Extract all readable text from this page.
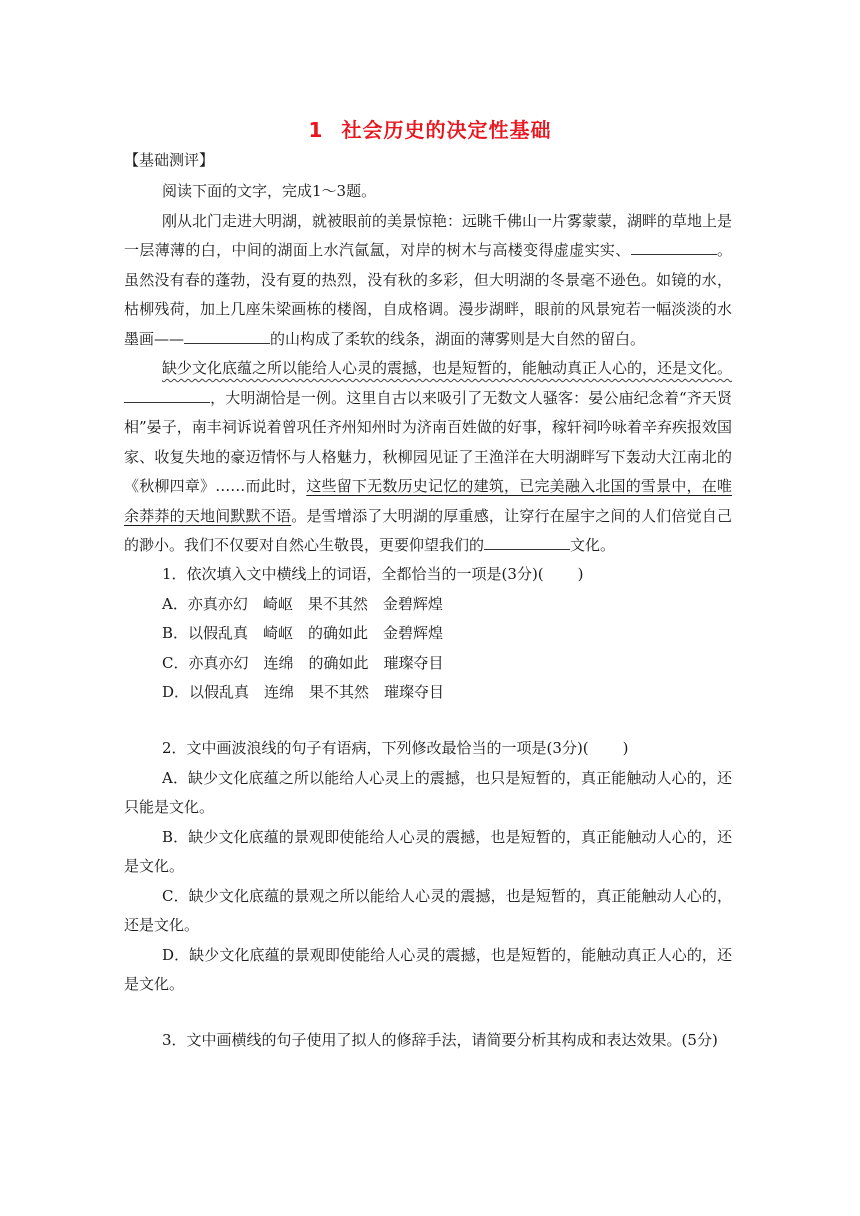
1 社会历史的决定性基础
【基础测评】

阅读下面的文字，完成1～3题。

刚从北门走进大明湖，就被眼前的美景惊艳：远眺千佛山一片雾蒙蒙，湖畔的草地上是一层薄薄的白，中间的湖面上水汽氤氲，对岸的树木与高楼变得虚虚实实、	。虽然没有春的蓬勃，没有夏的热烈，没有秋的多彩，但大明湖的冬景毫不逊色。如镜的水，枯柳残荷，加上几座朱梁画栋的楼阁，自成格调。漫步湖畔，眼前的风景宛若一幅淡淡的水墨画——	的山构成了柔软的线条，湖面的薄雾则是大自然的留白。

缺少文化底蕴之所以能给人心灵的震撼，也是短暂的，能触动真正人心的，还是文化。，大明湖恰是一例。这里自古以来吸引了无数文人骚客：晏公庙纪念着“齐天贤相”晏子，南丰祠诉说着曾巩任齐州知州时为济南百姓做的好事，稼轩祠吟咏着辛弃疾报效国家、收复失地的豪迈情怀与人格魅力，秋柳园见证了王渔洋在大明湖畔写下轰动大江南北的《秋柳四章》……而此时，这些留下无数历史记忆的建筑，已完美融入北国的雪景中，在唯余莽莽的天地间默默不语。是雪增添了大明湖的厚重感，让穿行在屋宇之间的人们倍觉自己的渺小。我们不仅要对自然心生敬畏，更要仰望我们的	文化。

1．依次填入文中横线上的词语，全都恰当的一项是(3分)( )

A．亦真亦幻　崎岖　果不其然　金碧辉煌

B．以假乱真　崎岖　的确如此　金碧辉煌

C．亦真亦幻　连绵　的确如此　璀璨夺目

D．以假乱真　连绵　果不其然　璀璨夺目

2．文中画波浪线的句子有语病，下列修改最恰当的一项是(3分)( )

A．缺少文化底蕴之所以能给人心灵上的震撼，也只是短暂的，真正能触动人心的，还只能是文化。

B．缺少文化底蕴的景观即使能给人心灵的震撼，也是短暂的，真正能触动人心的，还是文化。

C．缺少文化底蕴的景观之所以能给人心灵的震撼，也是短暂的，真正能触动人心的，还是文化。

D．缺少文化底蕴的景观即使能给人心灵的震撼，也是短暂的，能触动真正人心的，还是文化。

3．文中画横线的句子使用了拟人的修辞手法，请简要分析其构成和表达效果。(5分)
